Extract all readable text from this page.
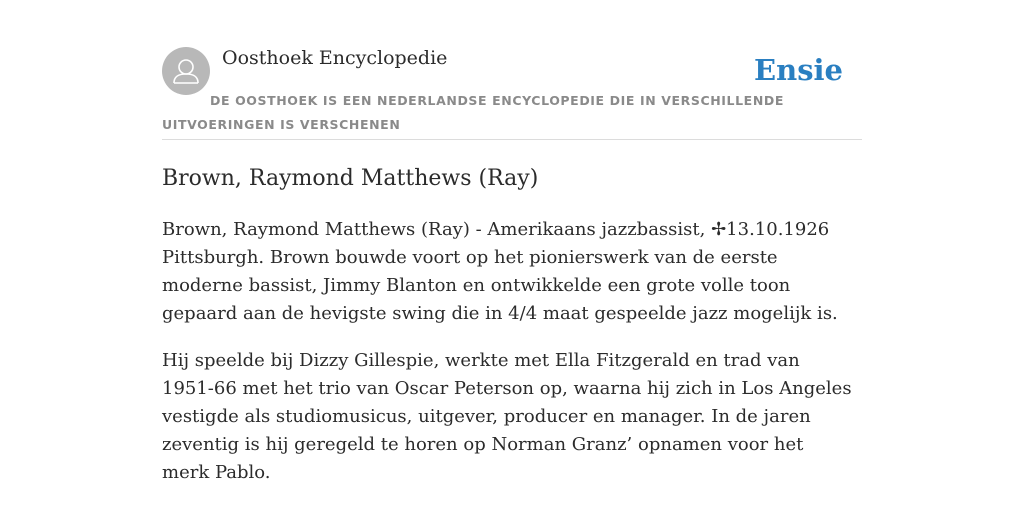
Oosthoek Encyclopedie	Ensie
DE OOSTHOEK IS EEN NEDERLANDSE ENCYCLOPEDIE DIE IN VERSCHILLENDE UITVOERINGEN IS VERSCHENEN
Brown, Raymond Matthews (Ray)

Brown, Raymond Matthews (Ray) - Amerikaans jazzbassist, ✢13.10.1926 Pittsburgh. Brown bouwde voort op het pionierswerk van de eerste moderne bassist, Jimmy Blanton en ontwikkelde een grote volle toon gepaard aan de hevigste swing die in 4/4 maat gespeelde jazz mogelijk is.

Hij speelde bij Dizzy Gillespie, werkte met Ella Fitzgerald en trad van 1951-66 met het trio van Oscar Peterson op, waarna hij zich in Los Angeles vestigde als studiomusicus, uitgever, producer en manager. In de jaren zeventig is hij geregeld te horen op Norman Granz’ opnamen voor het merk Pablo.
